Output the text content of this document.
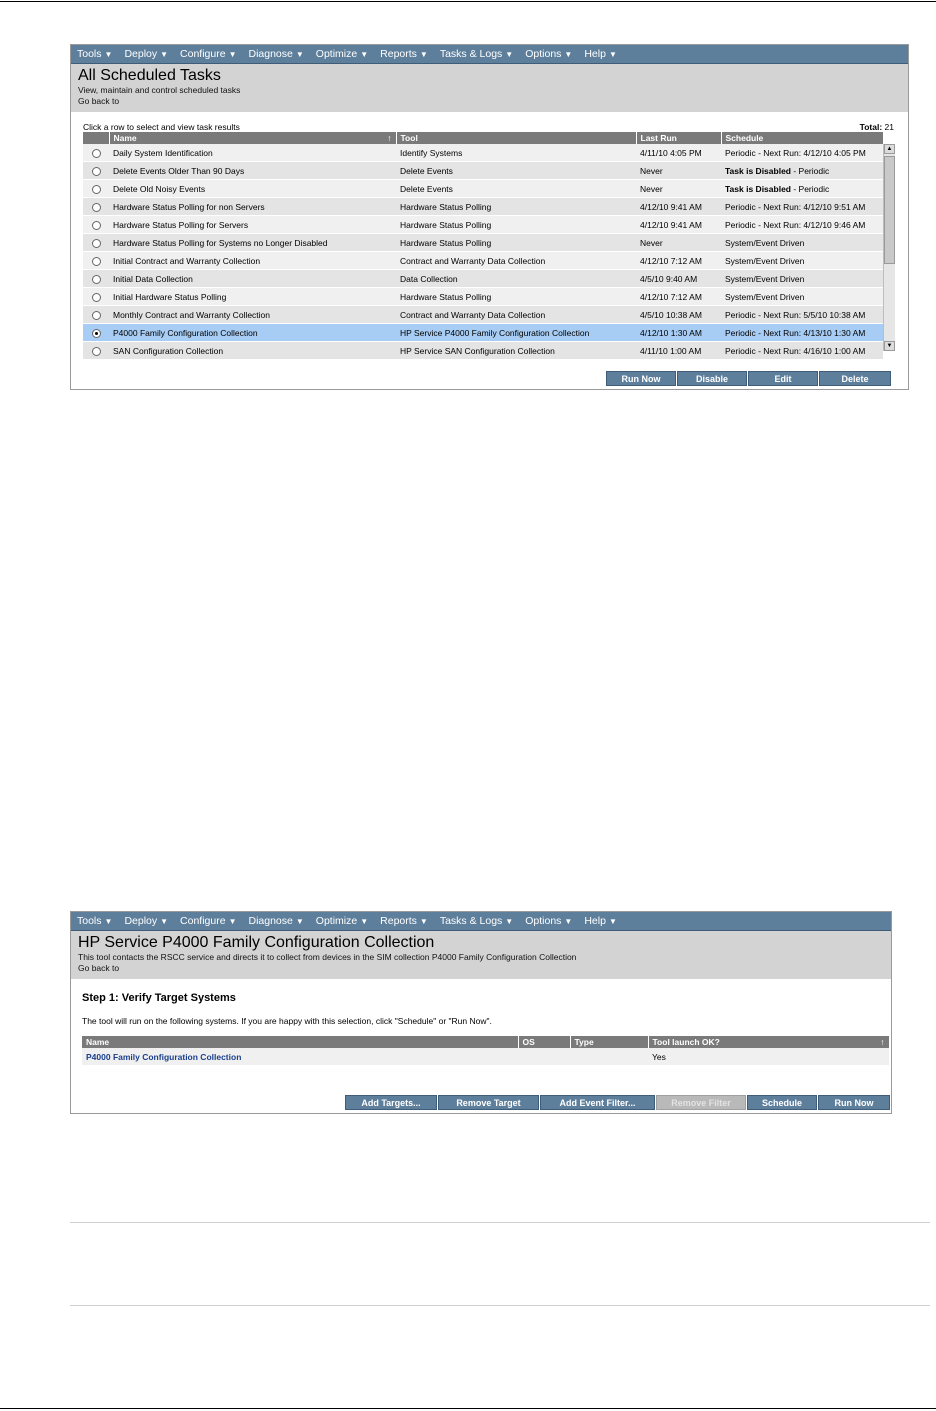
Tools ▼ Deploy ▼ Configure ▼ Diagnose ▼ Optimize ▼ Reports ▼ Tasks & Logs ▼ Options ▼ Help ▼
All Scheduled Tasks
View, maintain and control scheduled tasks
Go back to
Click a row to select and view task results	Total: 21
	Name ↑	Tool	Last Run	Schedule
	Daily System Identification	Identify Systems	4/11/10 4:05 PM	Periodic - Next Run: 4/12/10 4:05 PM
	Delete Events Older Than 90 Days	Delete Events	Never	Task is Disabled - Periodic
	Delete Old Noisy Events	Delete Events	Never	Task is Disabled - Periodic
	Hardware Status Polling for non Servers	Hardware Status Polling	4/12/10 9:41 AM	Periodic - Next Run: 4/12/10 9:51 AM
	Hardware Status Polling for Servers	Hardware Status Polling	4/12/10 9:41 AM	Periodic - Next Run: 4/12/10 9:46 AM
	Hardware Status Polling for Systems no Longer Disabled	Hardware Status Polling	Never	System/Event Driven
	Initial Contract and Warranty Collection	Contract and Warranty Data Collection	4/12/10 7:12 AM	System/Event Driven
	Initial Data Collection	Data Collection	4/5/10 9:40 AM	System/Event Driven
	Initial Hardware Status Polling	Hardware Status Polling	4/12/10 7:12 AM	System/Event Driven
	Monthly Contract and Warranty Collection	Contract and Warranty Data Collection	4/5/10 10:38 AM	Periodic - Next Run: 5/5/10 10:38 AM
	P4000 Family Configuration Collection	HP Service P4000 Family Configuration Collection	4/12/10 1:30 AM	Periodic - Next Run: 4/13/10 1:30 AM
	SAN Configuration Collection	HP Service SAN Configuration Collection	4/11/10 1:00 AM	Periodic - Next Run: 4/16/10 1:00 AM
▲
▼
Run Now	Disable	Edit	Delete
Tools ▼ Deploy ▼ Configure ▼ Diagnose ▼ Optimize ▼ Reports ▼ Tasks & Logs ▼ Options ▼ Help ▼
HP Service P4000 Family Configuration Collection
This tool contacts the RSCC service and directs it to collect from devices in the SIM collection P4000 Family Configuration Collection
Go back to
Step 1: Verify Target Systems
The tool will run on the following systems. If you are happy with this selection, click "Schedule" or "Run Now".
Name	OS	Type	Tool launch OK? ↑

P4000 Family Configuration Collection			Yes
Add Targets...	Remove Target	Add Event Filter...	Remove Filter	Schedule	Run Now
